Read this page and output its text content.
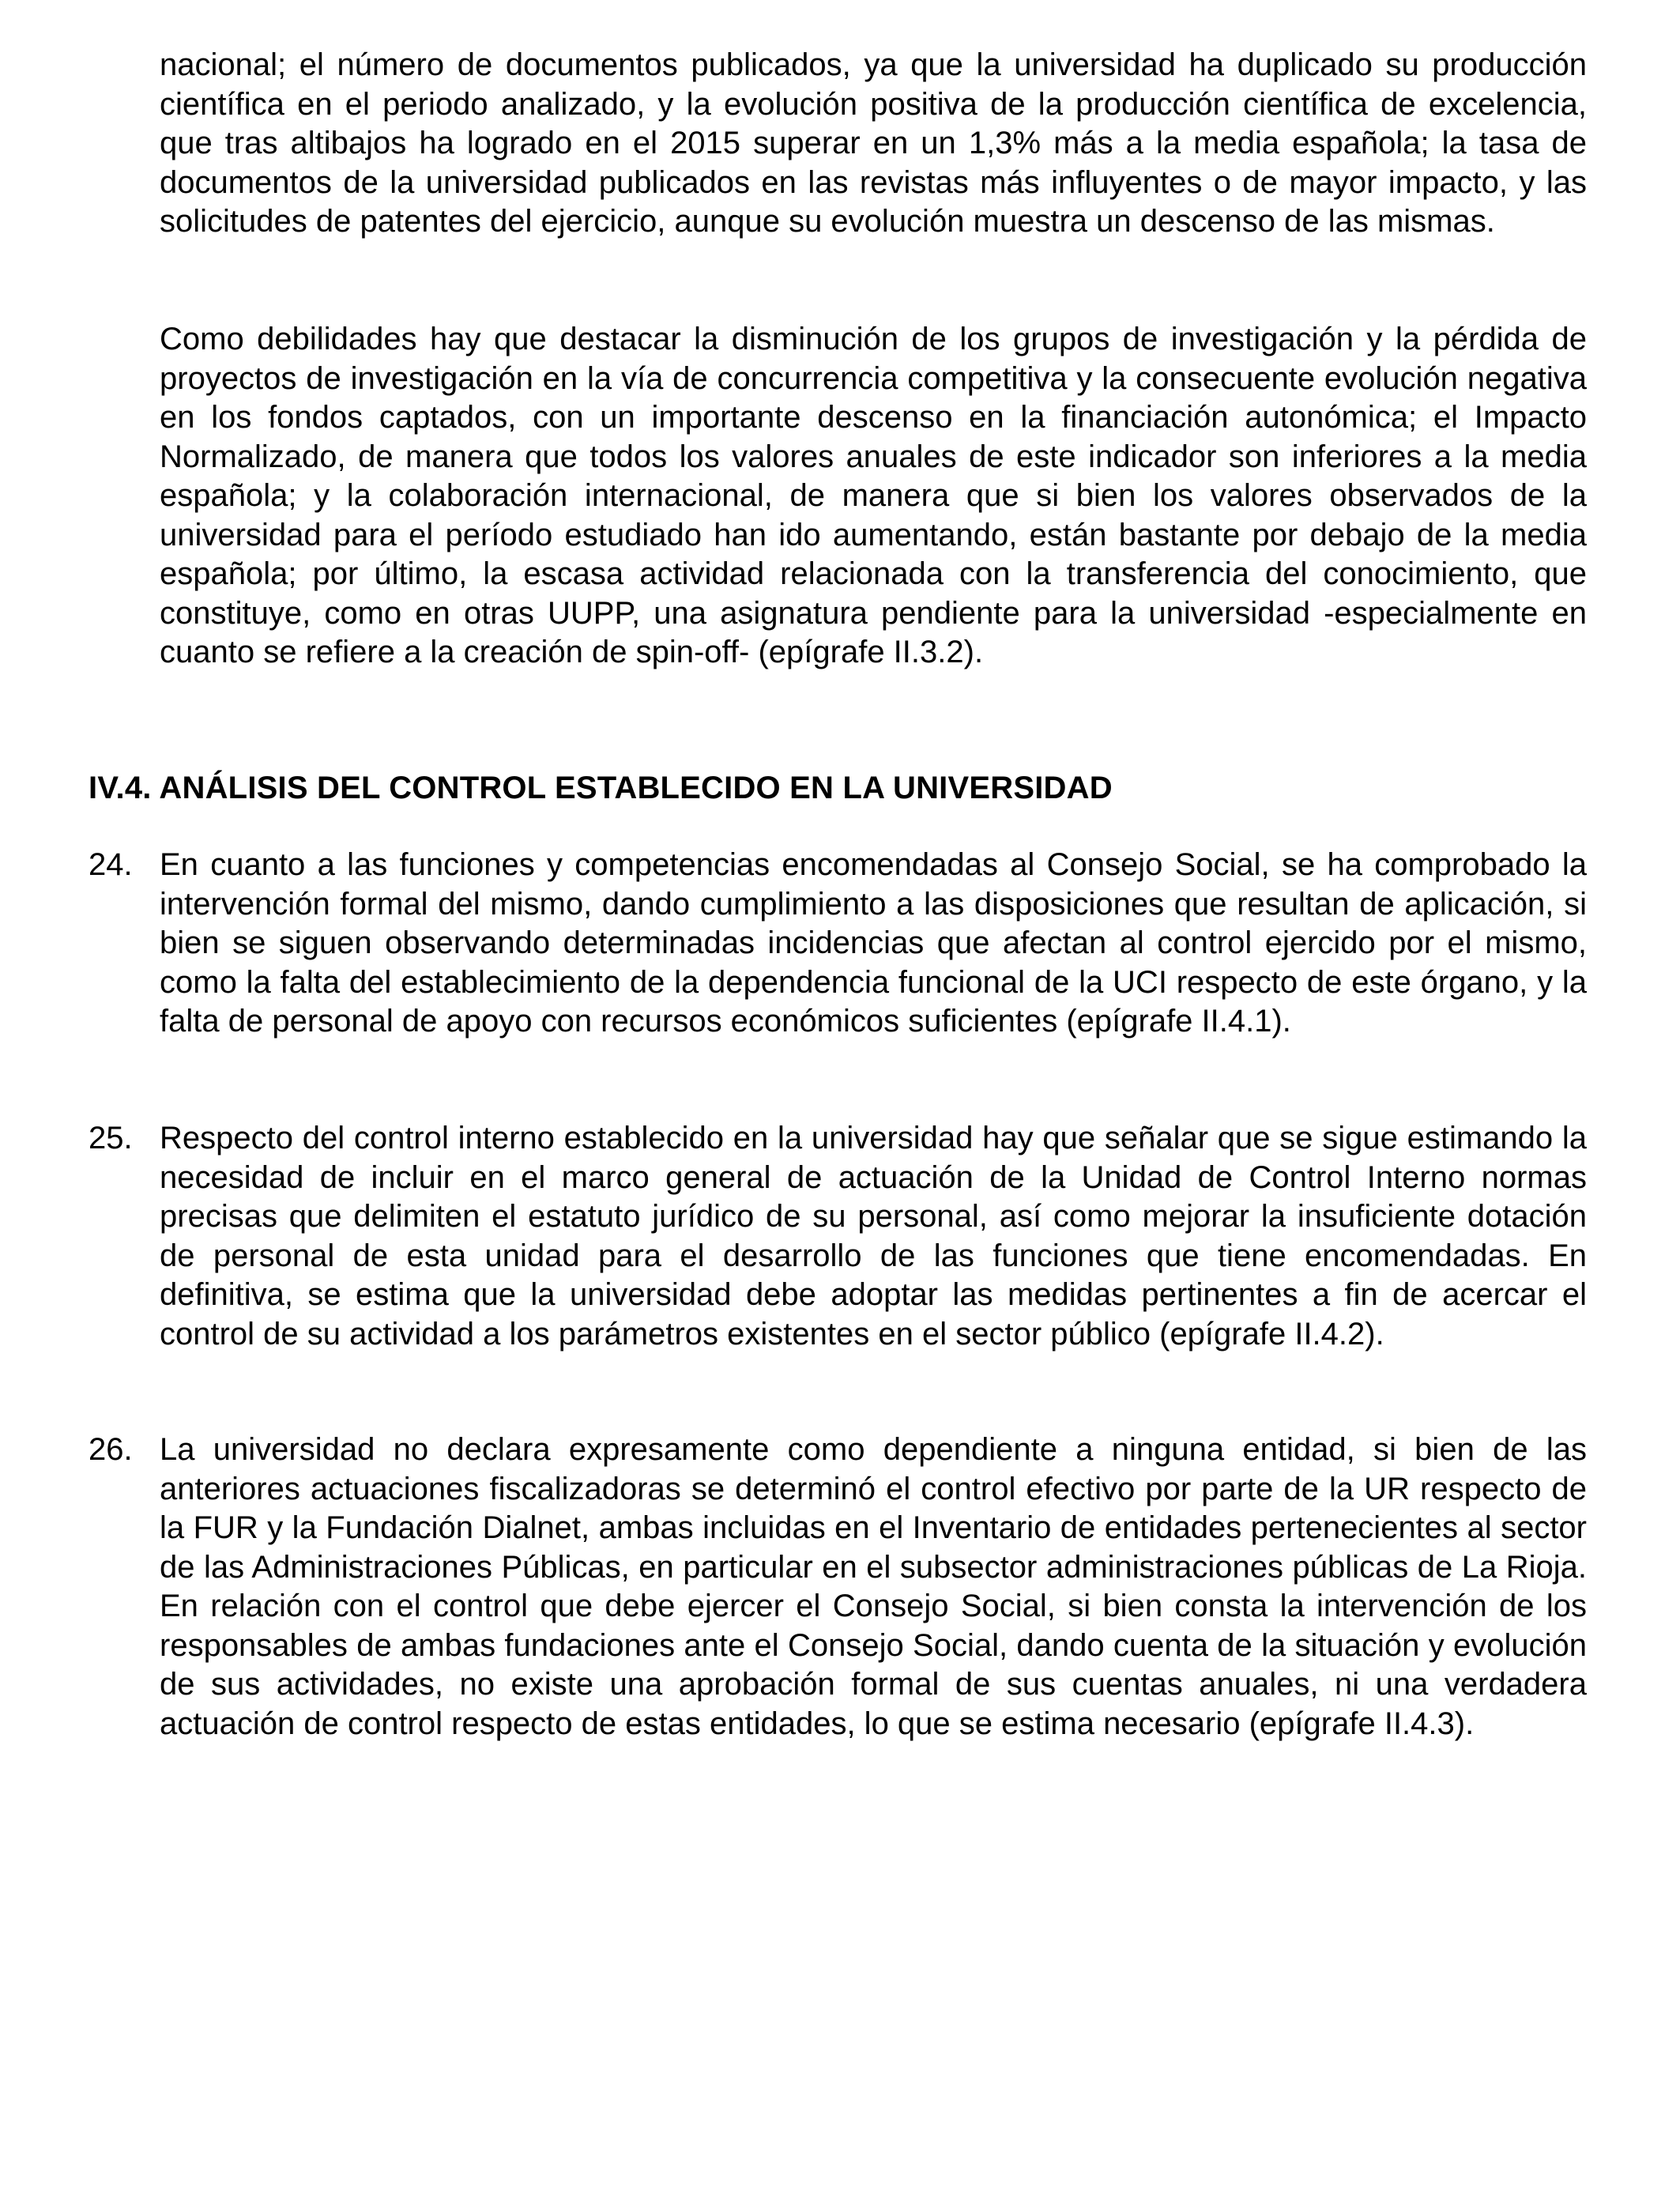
nacional; el número de documentos publicados, ya que la universidad ha duplicado su producción científica en el periodo analizado, y la evolución positiva de la producción científica de excelencia, que tras altibajos ha logrado en el 2015 superar en un 1,3% más a la media española; la tasa de documentos de la universidad publicados en las revistas más influyentes o de mayor impacto, y las solicitudes de patentes del ejercicio, aunque su evolución muestra un descenso de las mismas.

Como debilidades hay que destacar la disminución de los grupos de investigación y la pérdida de proyectos de investigación en la vía de concurrencia competitiva y la consecuente evolución negativa en los fondos captados, con un importante descenso en la financiación autonómica; el Impacto Normalizado, de manera que todos los valores anuales de este indicador son inferiores a la media española; y la colaboración internacional, de manera que si bien los valores observados de la universidad para el período estudiado han ido aumentando, están bastante por debajo de la media española; por último, la escasa actividad relacionada con la transferencia del conocimiento, que constituye, como en otras UUPP, una asignatura pendiente para la universidad -especialmente en cuanto se refiere a la creación de spin-off- (epígrafe II.3.2).

IV.4. ANÁLISIS DEL CONTROL ESTABLECIDO EN LA UNIVERSIDAD
24. En cuanto a las funciones y competencias encomendadas al Consejo Social, se ha comprobado la intervención formal del mismo, dando cumplimiento a las disposiciones que resultan de aplicación, si bien se siguen observando determinadas incidencias que afectan al control ejercido por el mismo, como la falta del establecimiento de la dependencia funcional de la UCI respecto de este órgano, y la falta de personal de apoyo con recursos económicos suficientes (epígrafe II.4.1).

25. Respecto del control interno establecido en la universidad hay que señalar que se sigue estimando la necesidad de incluir en el marco general de actuación de la Unidad de Control Interno normas precisas que delimiten el estatuto jurídico de su personal, así como mejorar la insuficiente dotación de personal de esta unidad para el desarrollo de las funciones que tiene encomendadas. En definitiva, se estima que la universidad debe adoptar las medidas pertinentes a fin de acercar el control de su actividad a los parámetros existentes en el sector público (epígrafe II.4.2).

26. La universidad no declara expresamente como dependiente a ninguna entidad, si bien de las anteriores actuaciones fiscalizadoras se determinó el control efectivo por parte de la UR respecto de la FUR y la Fundación Dialnet, ambas incluidas en el Inventario de entidades pertenecientes al sector de las Administraciones Públicas, en particular en el subsector administraciones públicas de La Rioja. En relación con el control que debe ejercer el Consejo Social, si bien consta la intervención de los responsables de ambas fundaciones ante el Consejo Social, dando cuenta de la situación y evolución de sus actividades, no existe una aprobación formal de sus cuentas anuales, ni una verdadera actuación de control respecto de estas entidades, lo que se estima necesario (epígrafe II.4.3).
